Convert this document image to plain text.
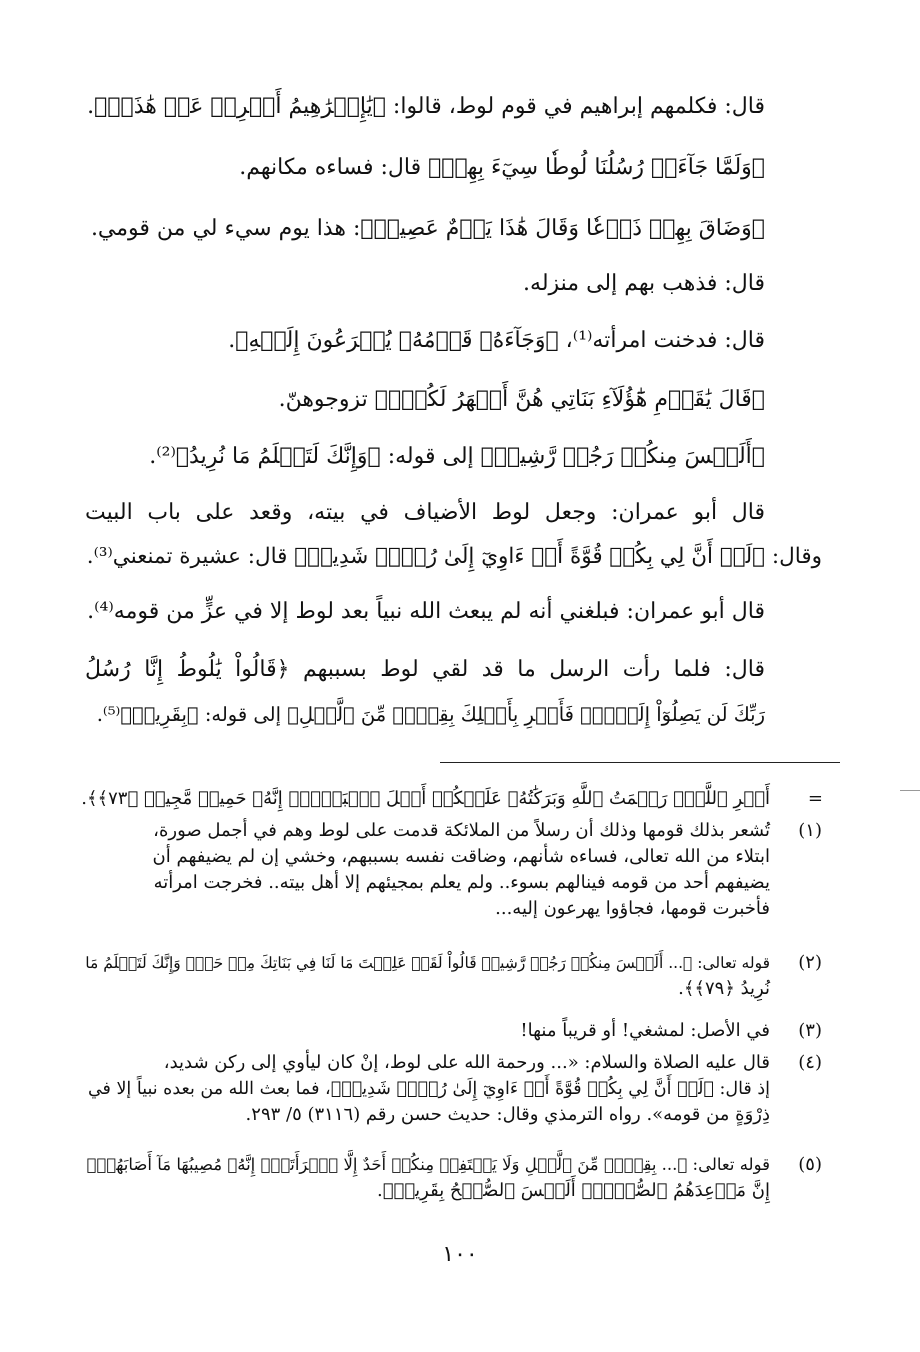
قال: فكلمهم إبراهيم في قوم لوط، قالوا: ﴿يَٰإِبۡرَٰهِيمُ أَعۡرِضۡ عَنۡ هَٰذَآۖ﴾.
﴿وَلَمَّا جَآءَتۡ رُسُلُنَا لُوطٗا سِيٓءَ بِهِمۡ﴾ قال: فساءه مكانهم.
﴿وَضَاقَ بِهِمۡ ذَرۡعٗا وَقَالَ هَٰذَا يَوۡمٌ عَصِيبٞ﴾: هذا يوم سيء لي من قومي.
قال: فذهب بهم إلى منزله.
قال: فدخنت امرأته⁽¹⁾، ﴿وَجَآءَهُۥ قَوۡمُهُۥ يُهۡرَعُونَ إِلَيۡهِ﴾.
﴿قَالَ يَٰقَوۡمِ هَٰٓؤُلَآءِ بَنَاتِي هُنَّ أَطۡهَرُ لَكُمۡۖ﴾ تزوجوهنّ.
﴿أَلَيۡسَ مِنكُمۡ رَجُلٞ رَّشِيدٞ﴾ إلى قوله: ﴿وَإِنَّكَ لَتَعۡلَمُ مَا نُرِيدُ﴾⁽²⁾.
قال أبو عمران: وجعل لوط الأضياف في بيته، وقعد على باب البيت
وقال: ﴿لَوۡ أَنَّ لِي بِكُمۡ قُوَّةً أَوۡ ءَاوِيٓ إِلَىٰ رُكۡنٖ شَدِيدٖ﴾ قال: عشيرة تمنعني⁽³⁾.
قال أبو عمران: فبلغني أنه لم يبعث الله نبياً بعد لوط إلا في عزٍّ من قومه⁽⁴⁾.
قال: فلما رأت الرسل ما قد لقي لوط بسببهم ﴿قَالُواْ يَٰلُوطُ إِنَّا رُسُلُ
رَبِّكَ لَن يَصِلُوٓاْ إِلَيۡكَۖ فَأَسۡرِ بِأَهۡلِكَ بِقِطۡعٖ مِّنَ ٱلَّيۡلِ﴾ إلى قوله: ﴿بِقَرِيبٖ﴾⁽⁵⁾.
=

أَمۡرِ ٱللَّهِۖ رَحۡمَتُ ٱللَّهِ وَبَرَكَٰتُهُۥ عَلَيۡكُمۡ أَهۡلَ ٱلۡبَيۡتِۚ إِنَّهُۥ حَمِيدٞ مَّجِيدٞ ﴿٧٣﴾﴾.

(١)

تُشعر بذلك قومها وذلك أن رسلاً من الملائكة قدمت على لوط وهم في أجمل صورة،

ابتلاء من الله تعالى، فساءه شأنهم، وضاقت نفسه بسببهم، وخشي إن لم يضيفهم أن

يضيفهم أحد من قومه فينالهم بسوء.. ولم يعلم بمجيئهم إلا أهل بيته.. فخرجت امرأته

فأخبرت قومها، فجاؤوا يهرعون إليه...

(٢)

قوله تعالى: ﴿... أَلَيۡسَ مِنكُمۡ رَجُلٞ رَّشِيدٞ قَالُواْ لَقَدۡ عَلِمۡتَ مَا لَنَا فِي بَنَاتِكَ مِنۡ حَقّٖ وَإِنَّكَ لَتَعۡلَمُ مَا

نُرِيدُ ﴿٧٩﴾﴾.

(٣)

في الأصل: لمشغي! أو قريباً منها!

(٤)

قال عليه الصلاة والسلام: «... ورحمة الله على لوط، إنْ كان ليأوي إلى ركن شديد،

إذ قال: ﴿لَوۡ أَنَّ لِي بِكُمۡ قُوَّةً أَوۡ ءَاوِيٓ إِلَىٰ رُكۡنٖ شَدِيدٖ﴾، فما بعث الله من بعده نبياً إلا في

ذِرْوَةٍ من قومه». رواه الترمذي وقال: حديث حسن رقم (٣١١٦) ٥/ ٢٩٣.

(٥)

قوله تعالى: ﴿... بِقِطۡعٖ مِّنَ ٱلَّيۡلِ وَلَا يَلۡتَفِتۡ مِنكُمۡ أَحَدٌ إِلَّا ٱمۡرَأَتَكَۖ إِنَّهُۥ مُصِيبُهَا مَآ أَصَابَهُمۡۚ

إِنَّ مَوۡعِدَهُمُ ٱلصُّبۡحُۚ أَلَيۡسَ ٱلصُّبۡحُ بِقَرِيبٖ﴾.

١٠٠
